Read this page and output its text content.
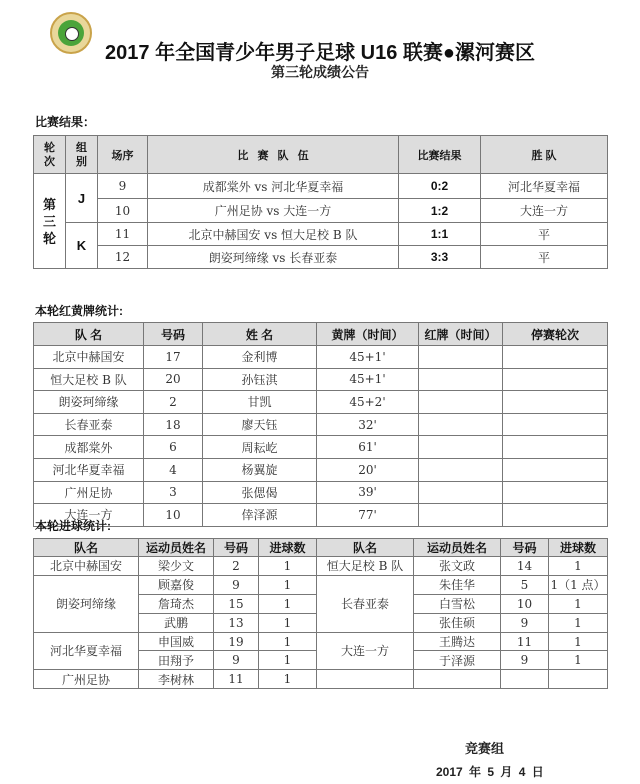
2017 年全国青少年男子足球 U16 联赛●漯河赛区
第三轮成绩公告
比赛结果：
轮次	组别	场序	比 赛 队 伍	比赛结果	胜 队
第三轮	J	9	成都棠外 vs 河北华夏幸福	0:2	河北华夏幸福
		10	广州足协 vs 大连一方	1:2	大连一方
	K	11	北京中赫国安 vs 恒大足校 B 队	1:1	平
		12	朗姿珂缔缘 vs 长春亚泰	3:3	平
本轮红黄牌统计:
队 名	号码	姓 名	黄牌（时间）	红牌（时间）	停赛轮次
北京中赫国安	17	金利博	45+1'		
恒大足校 B 队	20	孙钰淇	45+1'		
朗姿珂缔缘	2	甘凯	45+2'		
长春亚泰	18	廖天钰	32'		
成都棠外	6	周耘屹	61'		
河北华夏幸福	4	杨翼旋	20'		
广州足协	3	张偲偈	39'		
大连一方	10	倖泽源	77'		
本轮进球统计:
队名	运动员姓名	号码	进球数	队名	运动员姓名	号码	进球数
北京中赫国安	梁少文	2	1	恒大足校 B 队	张文政	14	1
朗姿珂缔缘	顾嘉俊	9	1	长春亚泰	朱佳华	5	1（1 点）
	詹琦杰	15	1		白雪松	10	1
	武鹏	13	1		张佳硕	9	1
河北华夏幸福	申国威	19	1	大连一方	王腾达	11	1
	田翔予	9	1		于泽源	9	1
广州足协	李树林	11	1				
竞赛组
2017 年 5 月 4 日
